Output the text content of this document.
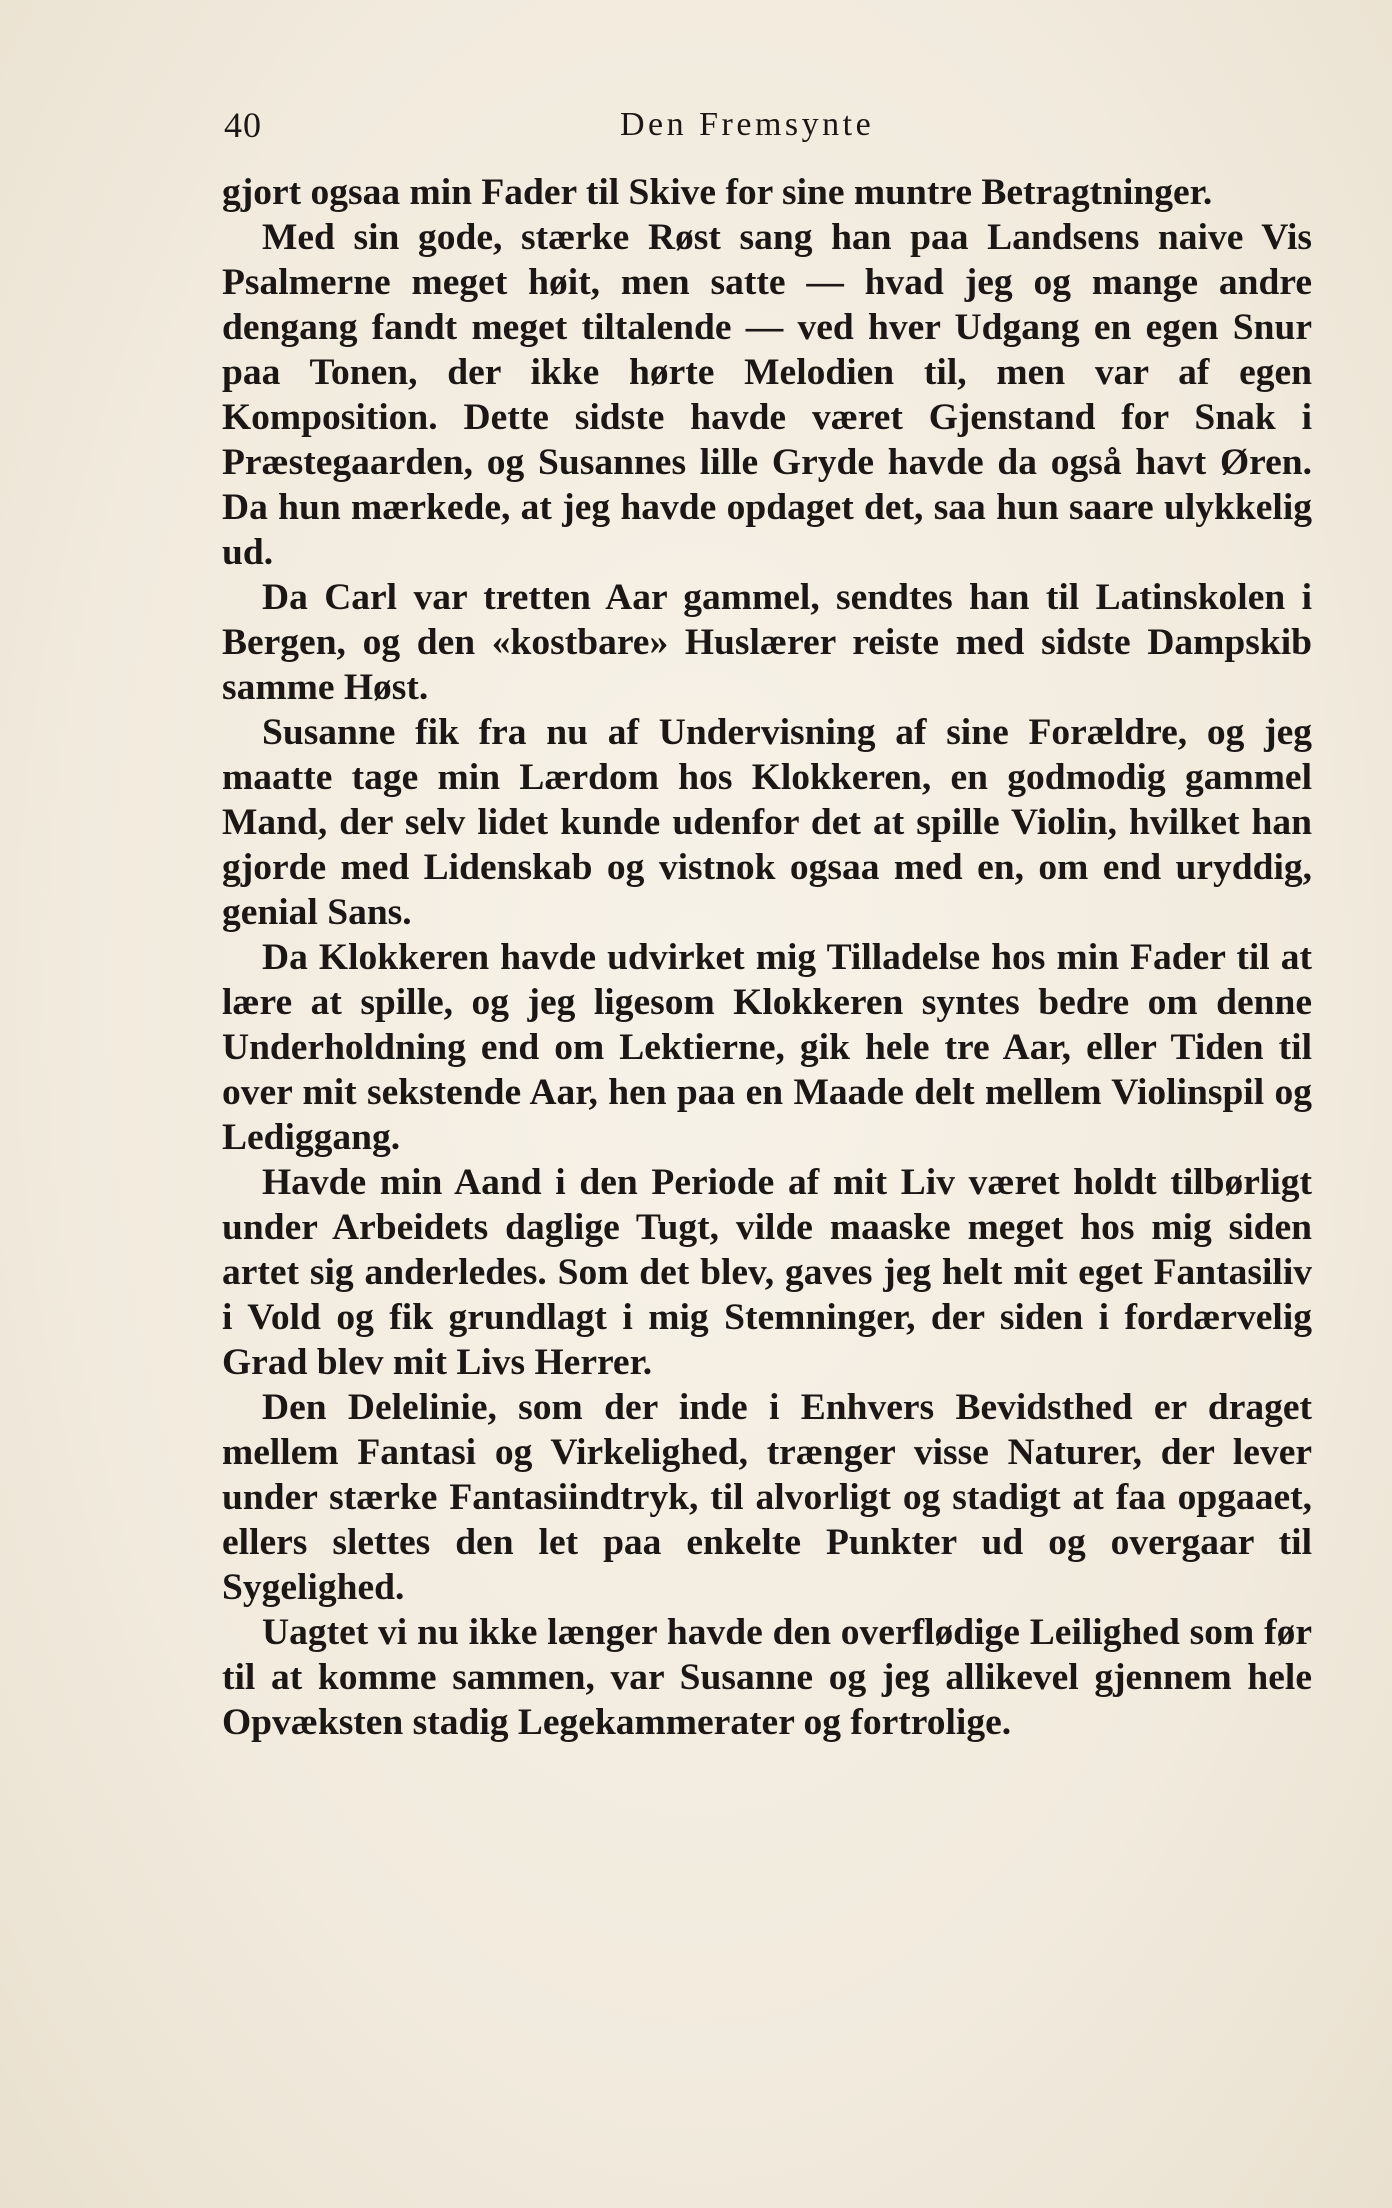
40	Den Fremsynte

gjort ogsaa min Fader til Skive for sine muntre Betragtninger.

Med sin gode, stærke Røst sang han paa Landsens naive Vis Psalmerne meget høit, men satte — hvad jeg og mange andre dengang fandt meget tiltalende — ved hver Udgang en egen Snur paa Tonen, der ikke hørte Melodien til, men var af egen Komposition. Dette sidste havde været Gjenstand for Snak i Præstegaarden, og Susannes lille Gryde havde da også havt Øren. Da hun mærkede, at jeg havde opdaget det, saa hun saare ulykkelig ud.

Da Carl var tretten Aar gammel, sendtes han til Latinskolen i Bergen, og den «kostbare» Huslærer reiste med sidste Dampskib samme Høst.

Susanne fik fra nu af Undervisning af sine Forældre, og jeg maatte tage min Lærdom hos Klokkeren, en godmodig gammel Mand, der selv lidet kunde udenfor det at spille Violin, hvilket han gjorde med Lidenskab og vistnok ogsaa med en, om end uryddig, genial Sans.

Da Klokkeren havde udvirket mig Tilladelse hos min Fader til at lære at spille, og jeg ligesom Klokkeren syntes bedre om denne Underholdning end om Lektierne, gik hele tre Aar, eller Tiden til over mit sekstende Aar, hen paa en Maade delt mellem Violinspil og Lediggang.

Havde min Aand i den Periode af mit Liv været holdt tilbørligt under Arbeidets daglige Tugt, vilde maaske meget hos mig siden artet sig anderledes. Som det blev, gaves jeg helt mit eget Fantasiliv i Vold og fik grundlagt i mig Stemninger, der siden i fordærvelig Grad blev mit Livs Herrer.

Den Delelinie, som der inde i Enhvers Bevidsthed er draget mellem Fantasi og Virkelighed, trænger visse Naturer, der lever under stærke Fantasiindtryk, til alvorligt og stadigt at faa opgaaet, ellers slettes den let paa enkelte Punkter ud og overgaar til Sygelighed.

Uagtet vi nu ikke længer havde den overflødige Leilighed som før til at komme sammen, var Susanne og jeg allikevel gjennem hele Opvæksten stadig Legekammerater og fortrolige.
